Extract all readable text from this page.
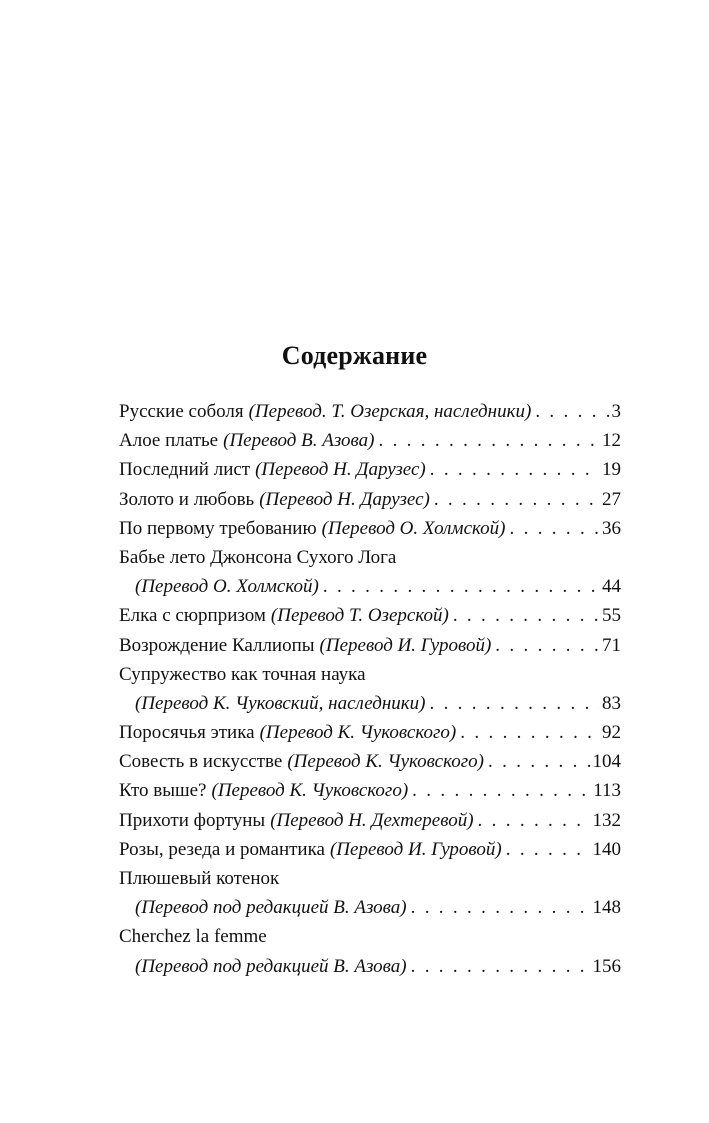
Содержание
Русские соболя (Перевод. Т. Озерская, наследники) . . .	3
Алое платье (Перевод В. Азова) . . .	12
Последний лист (Перевод Н. Дарузес) . . .	19
Золото и любовь (Перевод Н. Дарузес) . . .	27
По первому требованию (Перевод О. Холмской) . . .	36
Бабье лето Джонсона Сухого Лога
(Перевод О. Холмской) . . .	44
Елка с сюрпризом (Перевод Т. Озерской) . . .	55
Возрождение Каллиопы (Перевод И. Гуровой) . . .	71
Супружество как точная наука
(Перевод К. Чуковский, наследники) . . .	83
Поросячья этика (Перевод К. Чуковского) . . .	92
Совесть в искусстве (Перевод К. Чуковского) . . .	104
Кто выше? (Перевод К. Чуковского) . . .	113
Прихоти фортуны (Перевод Н. Дехтеревой) . . .	132
Розы, резеда и романтика (Перевод И. Гуровой) . . .	140
Плюшевый котенок
(Перевод под редакцией В. Азова) . . .	148
Cherchez la femme
(Перевод под редакцией В. Азова) . . .	156
